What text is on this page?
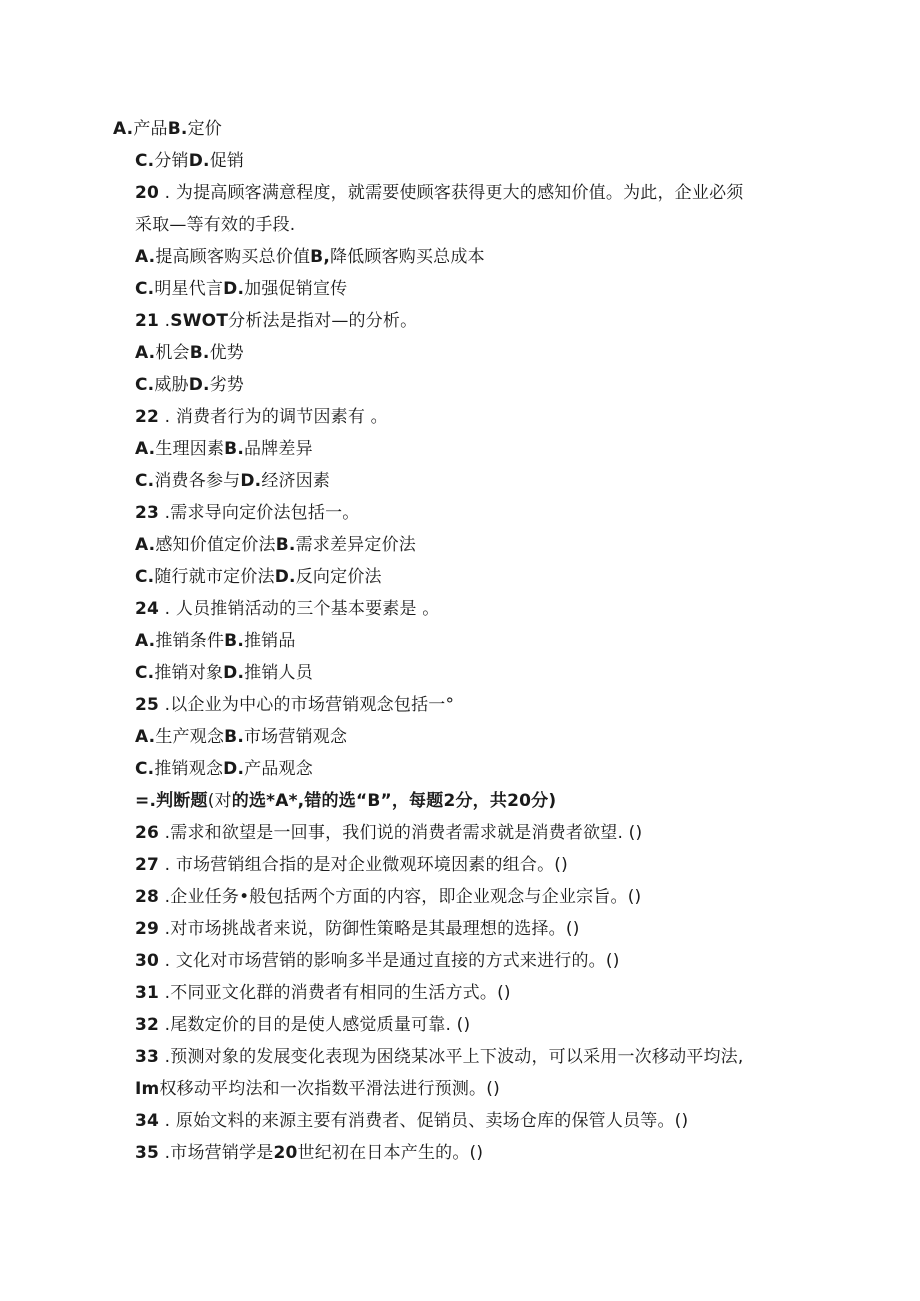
A.产品B.定价
C.分销D.促销
20 . 为提高顾客满意程度，就需要使顾客获得更大的感知价值。为此，企业必须
采取—等有效的手段.
A.提高顾客购买总价值B,降低顾客购买总成本
C.明星代言D.加强促销宣传
21 .SWOT分析法是指对—的分析。
A.机会B.优势
C.威胁D.劣势
22 . 消费者行为的调节因素有 。
A.生理因素B.品牌差异
C.消费各参与D.经济因素
23 .需求导向定价法包括一。
A.感知价值定价法B.需求差异定价法
C.随行就市定价法D.反向定价法
24 . 人员推销活动的三个基本要素是 。
A.推销条件B.推销品
C.推销对象D.推销人员
25 .以企业为中心的市场营销观念包括一°
A.生产观念B.市场营销观念
C.推销观念D.产品观念
=.判断题(对的选*A*,错的选“B”，每题2分，共20分)
26 .需求和欲望是一回事，我们说的消费者需求就是消费者欲望. ()
27 . 市场营销组合指的是对企业微观环境因素的组合。()
28 .企业任务•般包括两个方面的内容，即企业观念与企业宗旨。()
29 .对市场挑战者来说，防御性策略是其最理想的选择。()
30 . 文化对市场营销的影响多半是通过直接的方式来进行的。()
31 .不同亚文化群的消费者有相同的生活方式。()
32 .尾数定价的目的是使人感觉质量可靠. ()
33 .预测对象的发展变化表现为困绕某冰平上下波动，可以采用一次移动平均法,
Im权移动平均法和一次指数平滑法进行预测。()
34 . 原始文料的来源主要有消费者、促销员、卖场仓库的保管人员等。()
35 .市场营销学是20世纪初在日本产生的。()
